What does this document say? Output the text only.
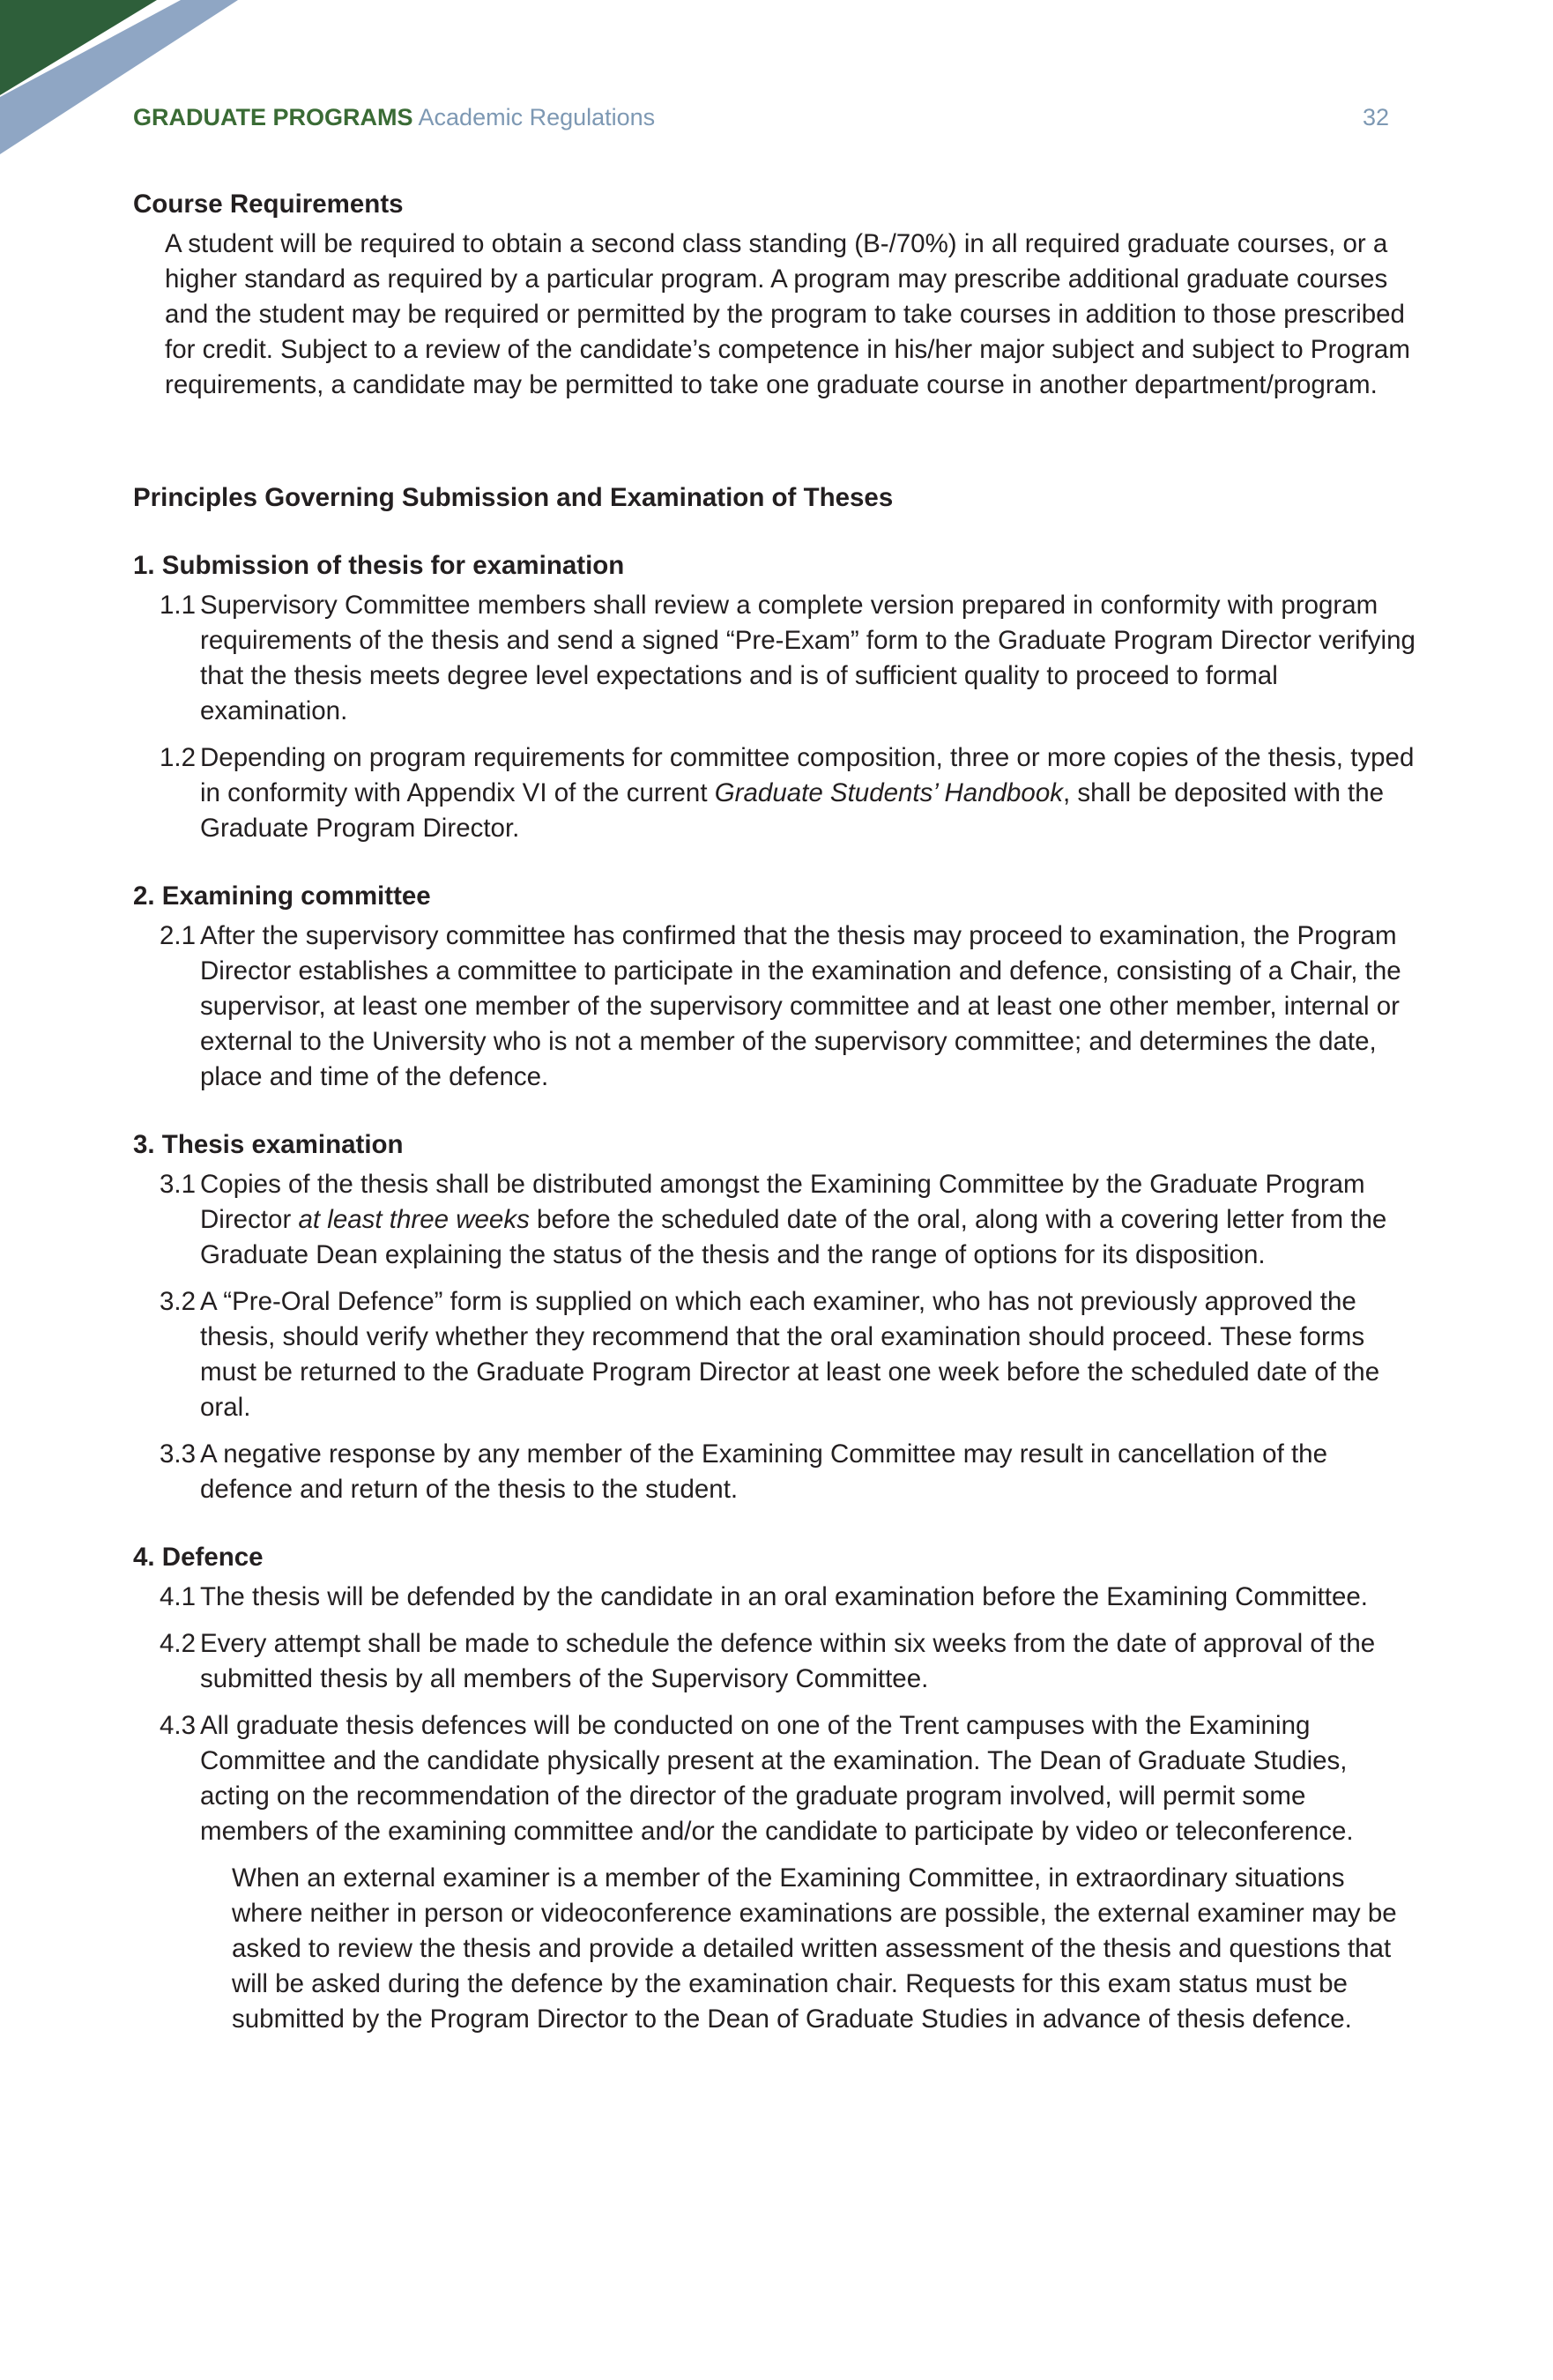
GRADUATE PROGRAMS Academic Regulations	32

Course Requirements

A student will be required to obtain a second class standing (B-/70%) in all required graduate courses, or a higher standard as required by a particular program. A program may prescribe additional graduate courses and the student may be required or permitted by the program to take courses in addition to those prescribed for credit. Subject to a review of the candidate’s competence in his/her major subject and subject to Program requirements, a candidate may be permitted to take one graduate course in another department/program.

Principles Governing Submission and Examination of Theses

1. Submission of thesis for examination

1.1 Supervisory Committee members shall review a complete version prepared in conformity with program requirements of the thesis and send a signed “Pre-Exam” form to the Graduate Program Director verifying that the thesis meets degree level expectations and is of sufficient quality to proceed to formal examination.
1.2 Depending on program requirements for committee composition, three or more copies of the thesis, typed in conformity with Appendix VI of the current Graduate Students’ Handbook, shall be deposited with the Graduate Program Director.

2. Examining committee

2.1 After the supervisory committee has confirmed that the thesis may proceed to examination, the Program Director establishes a committee to participate in the examination and defence, consisting of a Chair, the supervisor, at least one member of the supervisory committee and at least one other member, internal or external to the University who is not a member of the supervisory committee; and determines the date, place and time of the defence.

3. Thesis examination

3.1 Copies of the thesis shall be distributed amongst the Examining Committee by the Graduate Program Director at least three weeks before the scheduled date of the oral, along with a covering letter from the Graduate Dean explaining the status of the thesis and the range of options for its disposition.
3.2 A “Pre-Oral Defence” form is supplied on which each examiner, who has not previously approved the thesis, should verify whether they recommend that the oral examination should proceed. These forms must be returned to the Graduate Program Director at least one week before the scheduled date of the oral.
3.3 A negative response by any member of the Examining Committee may result in cancellation of the defence and return of the thesis to the student.

4. Defence

4.1 The thesis will be defended by the candidate in an oral examination before the Examining Committee.
4.2 Every attempt shall be made to schedule the defence within six weeks from the date of approval of the submitted thesis by all members of the Supervisory Committee.
4.3 All graduate thesis defences will be conducted on one of the Trent campuses with the Examining Committee and the candidate physically present at the examination. The Dean of Graduate Studies, acting on the recommendation of the director of the graduate program involved, will permit some members of the examining committee and/or the candidate to participate by video or teleconference.

When an external examiner is a member of the Examining Committee, in extraordinary situations where neither in person or videoconference examinations are possible, the external examiner may be asked to review the thesis and provide a detailed written assessment of the thesis and questions that will be asked during the defence by the examination chair. Requests for this exam status must be submitted by the Program Director to the Dean of Graduate Studies in advance of thesis defence.
